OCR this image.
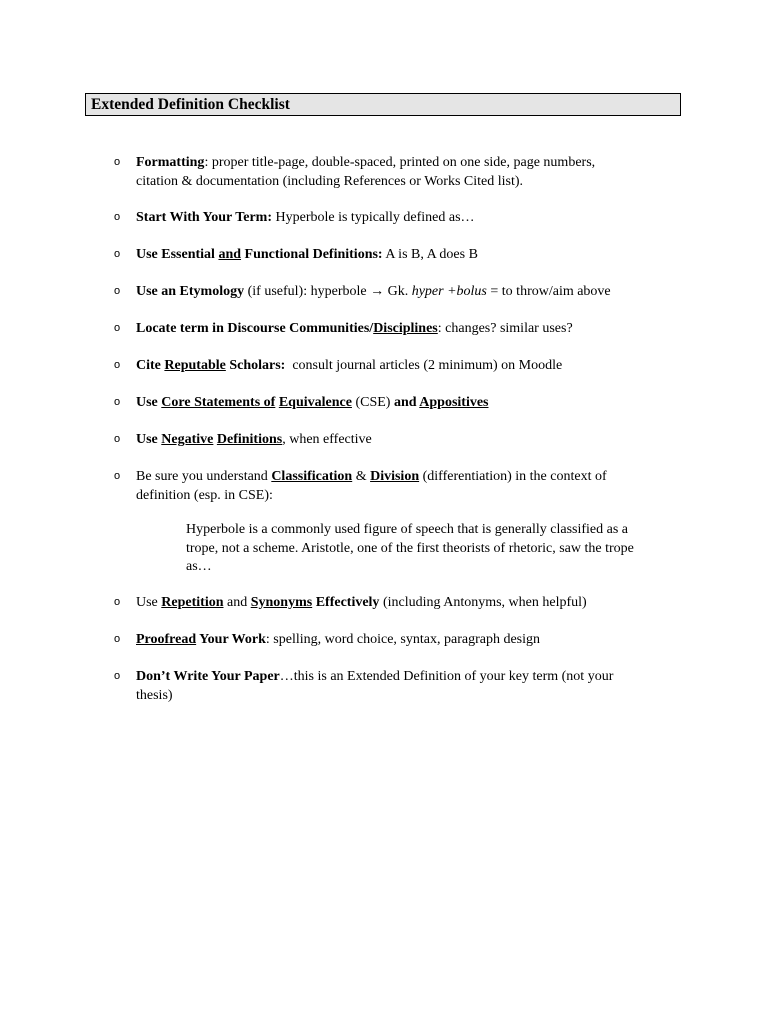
Extended Definition Checklist
o Formatting: proper title-page, double-spaced, printed on one side, page numbers,
citation & documentation (including References or Works Cited list).
o Start With Your Term: Hyperbole is typically defined as…
o Use Essential and Functional Definitions: A is B, A does B
o Use an Etymology (if useful): hyperbole → Gk. hyper +bolus = to throw/aim above
o Locate term in Discourse Communities/Disciplines: changes? similar uses?
o Cite Reputable Scholars:  consult journal articles (2 minimum) on Moodle
o Use Core Statements of Equivalence (CSE) and Appositives
o Use Negative Definitions, when effective
o Be sure you understand Classification & Division (differentiation) in the context of
definition (esp. in CSE):
Hyperbole is a commonly used figure of speech that is generally classified as a
trope, not a scheme. Aristotle, one of the first theorists of rhetoric, saw the trope
as…
o Use Repetition and Synonyms Effectively (including Antonyms, when helpful)
o Proofread Your Work: spelling, word choice, syntax, paragraph design
o Don’t Write Your Paper…this is an Extended Definition of your key term (not your
thesis)
